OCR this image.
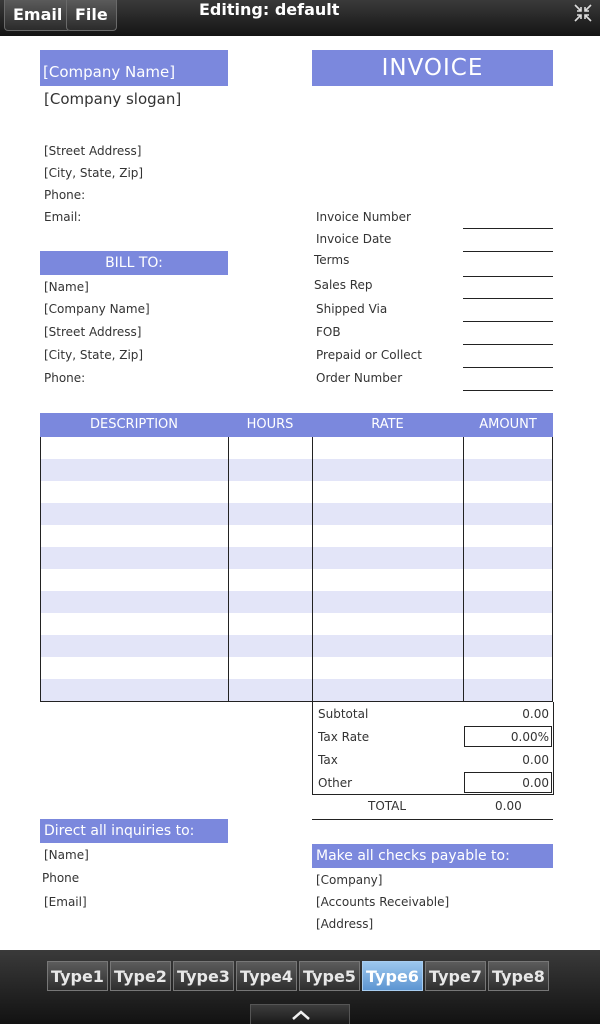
Email File	Editing: default
[Company Name]	INVOICE
[Company slogan]
[Street Address]
[City, State, Zip]
Phone:
Email:	Invoice Number
Invoice Date
Terms
Sales Rep
Shipped Via
FOB
Prepaid or Collect
Order Number
BILL TO:
[Name]
[Company Name]
[Street Address]
[City, State, Zip]
Phone:
DESCRIPTION	HOURS	RATE	AMOUNT
Subtotal	0.00
Tax Rate	0.00%
Tax	0.00
Other	0.00
TOTAL	0.00
Direct all inquiries to:
[Name]
Phone
[Email]
Make all checks payable to:
[Company]
[Accounts Receivable]
[Address]
Type1 Type2 Type3 Type4 Type5 Type6 Type7 Type8
